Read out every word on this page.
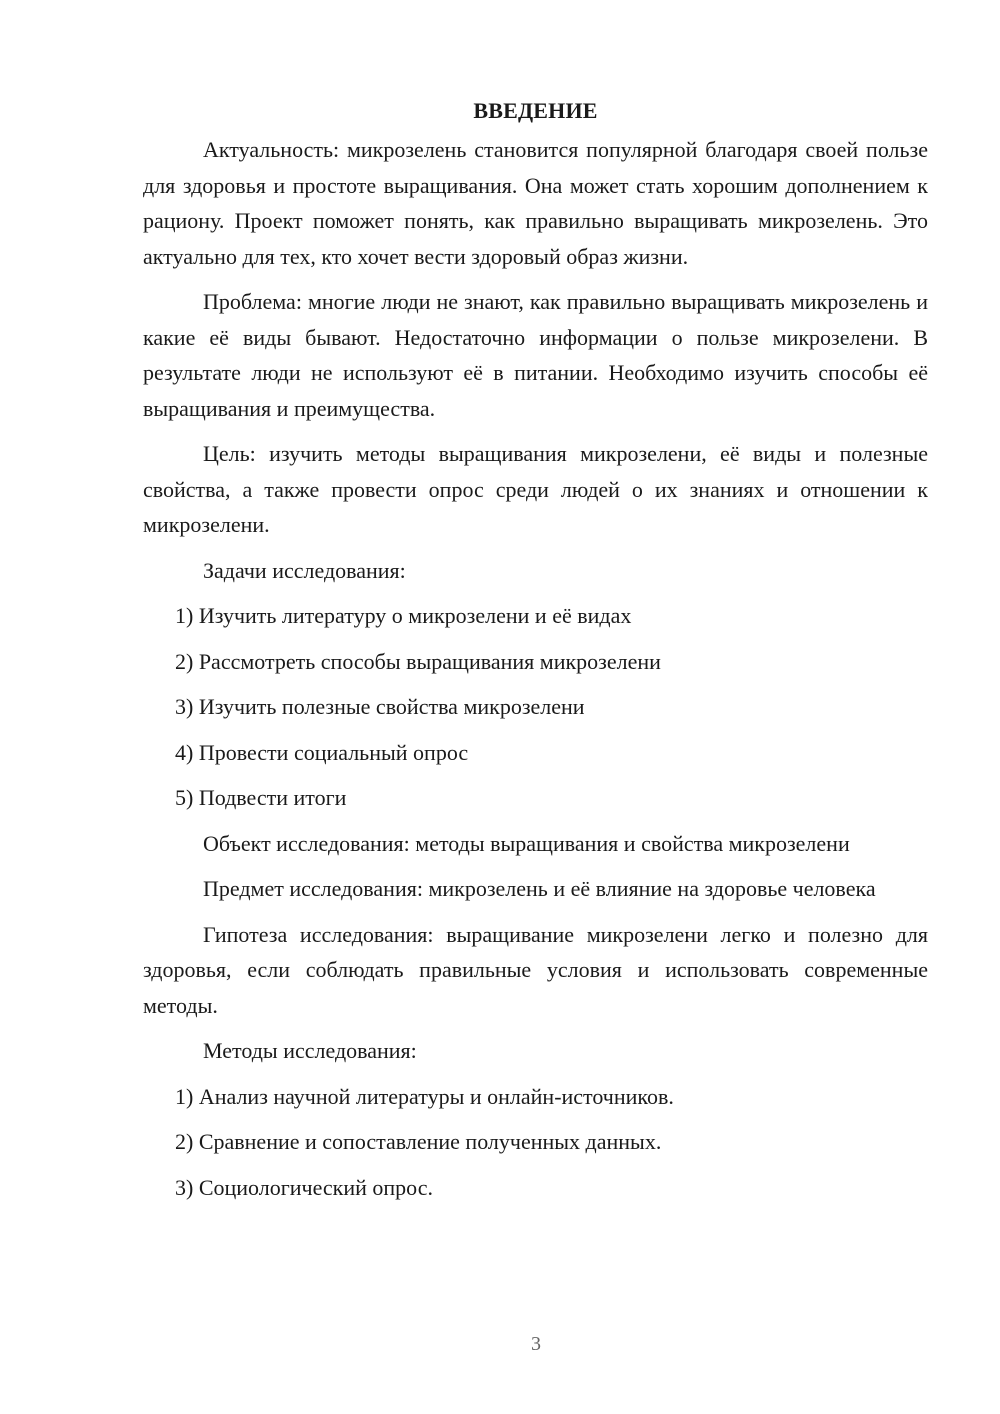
ВВЕДЕНИЕ

Актуальность: микрозелень становится популярной благодаря своей пользе для здоровья и простоте выращивания. Она может стать хорошим дополнением к рациону. Проект поможет понять, как правильно выращивать микрозелень. Это актуально для тех, кто хочет вести здоровый образ жизни.

Проблема: многие люди не знают, как правильно выращивать микрозелень и какие её виды бывают. Недостаточно информации о пользе микрозелени. В результате люди не используют её в питании. Необходимо изучить способы её выращивания и преимущества.

Цель: изучить методы выращивания микрозелени, её виды и полезные свойства, а также провести опрос среди людей о их знаниях и отношении к микрозелени.

Задачи исследования:

1) Изучить литературу о микрозелени и её видах
2) Рассмотреть способы выращивания микрозелени
3) Изучить полезные свойства микрозелени
4) Провести социальный опрос
5) Подвести итоги

Объект исследования: методы выращивания и свойства микрозелени

Предмет исследования: микрозелень и её влияние на здоровье человека

Гипотеза исследования: выращивание микрозелени легко и полезно для здоровья, если соблюдать правильные условия и использовать современные методы.

Методы исследования:

1) Анализ научной литературы и онлайн-источников.
2) Сравнение и сопоставление полученных данных.
3) Социологический опрос.
3
